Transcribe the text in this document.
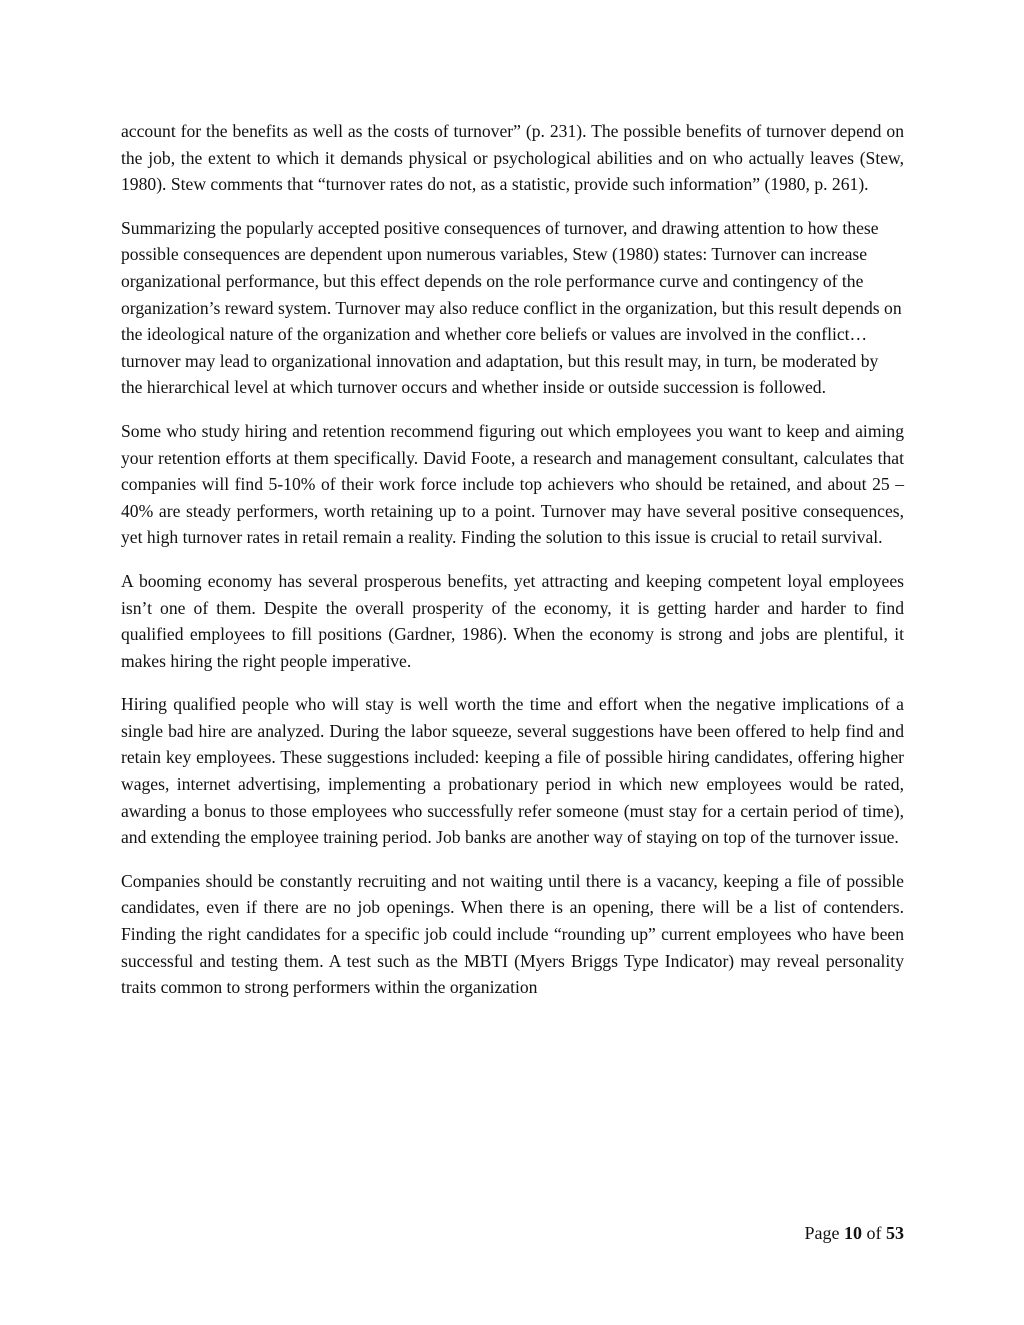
account for the benefits as well as the costs of turnover” (p. 231). The possible benefits of turnover depend on the job, the extent to which it demands physical or psychological abilities and on who actually leaves (Stew, 1980). Stew comments that “turnover rates do not, as a statistic, provide such information” (1980, p. 261).

Summarizing the popularly accepted positive consequences of turnover, and drawing attention to how these possible consequences are dependent upon numerous variables, Stew (1980) states: Turnover can increase organizational performance, but this effect depends on the role performance curve and contingency of the organization’s reward system. Turnover may also reduce conflict in the organization, but this result depends on the ideological nature of the organization and whether core beliefs or values are involved in the conflict… turnover may lead to organizational innovation and adaptation, but this result may, in turn, be moderated by the hierarchical level at which turnover occurs and whether inside or outside succession is followed.

Some who study hiring and retention recommend figuring out which employees you want to keep and aiming your retention efforts at them specifically. David Foote, a research and management consultant, calculates that companies will find 5-10% of their work force include top achievers who should be retained, and about 25 – 40% are steady performers, worth retaining up to a point. Turnover may have several positive consequences, yet high turnover rates in retail remain a reality. Finding the solution to this issue is crucial to retail survival.

A booming economy has several prosperous benefits, yet attracting and keeping competent loyal employees isn’t one of them. Despite the overall prosperity of the economy, it is getting harder and harder to find qualified employees to fill positions (Gardner, 1986). When the economy is strong and jobs are plentiful, it makes hiring the right people imperative.

Hiring qualified people who will stay is well worth the time and effort when the negative implications of a single bad hire are analyzed. During the labor squeeze, several suggestions have been offered to help find and retain key employees. These suggestions included: keeping a file of possible hiring candidates, offering higher wages, internet advertising, implementing a probationary period in which new employees would be rated, awarding a bonus to those employees who successfully refer someone (must stay for a certain period of time), and extending the employee training period. Job banks are another way of staying on top of the turnover issue.

Companies should be constantly recruiting and not waiting until there is a vacancy, keeping a file of possible candidates, even if there are no job openings. When there is an opening, there will be a list of contenders. Finding the right candidates for a specific job could include “rounding up” current employees who have been successful and testing them. A test such as the MBTI (Myers Briggs Type Indicator) may reveal personality traits common to strong performers within the organization

Page 10 of 53
